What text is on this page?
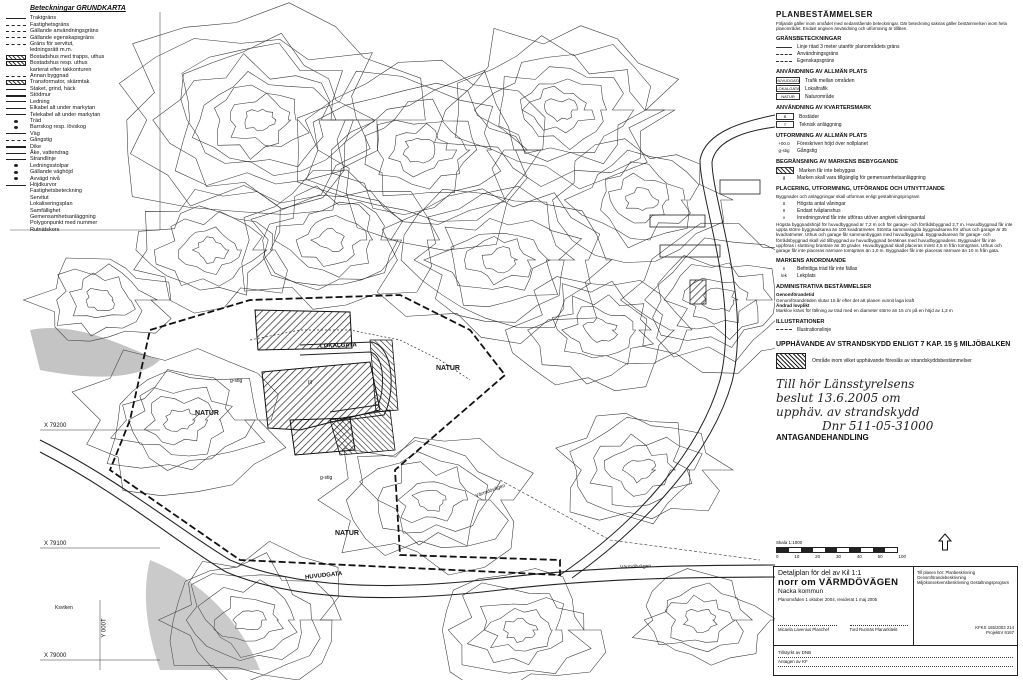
NATUR
NATUR
NATUR
LOKALGATA
HUVUDGATA
Värmdövägen
Värmdövägen
Ksvtken
g-stig
g-stig
III
X 79200
X 79100
X 79000
Y 000T
Beteckningar GRUNDKARTA
Traktgräns
Fastighetsgräns
Gällande användningsgräns
Gällande egenskapsgräns
Gräns för servitut,
ledningsrätt m.m.
Bostadshus med trapps, uthus
Bostadshus resp. uthus
karterat efter takkonturen
Annan byggnad
Transformator, skärmtak
Staket, grind, häck
Stödmur
Ledning
Elkabel alt under markytan
Telekabel alt under markytan
Träd
Barrskog resp. lövskog
Väg
Gångstig
Dike
Åke, vattendrag
Strandlinje
Ledningsstolpar
Gällande väghöjd
Avvägd nivå
Höjdkurvor
Fastighetsbeteckning
Servitut
Lokaliseringsplan
Samfällighet
Gemensamhetsanläggning
Polygonpunkt med nummer
Rutnätskors
PLANBESTÄMMELSER
Följande gäller inom området med nedanstående beteckningar. Där beteckning saknas gäller bestämmelsen inom hela planområdet. Endast angiven användning och utformning är tillåten.
GRÄNSBETECKNINGAR
Linje ritad 3 meter utanför planområdets gräns
Användningsgräns
Egenskapsgräns
ANVÄNDNING AV ALLMÄN PLATS
HUVUDGATA Trafik mellan områden
LOKALGATA Lokaltrafik
NATUR	Naturområde
ANVÄNDNING AV KVARTERSMARK
B	Bostäder
T	Teknisk anläggning
UTFORMNING AV ALLMÄN PLATS
+00.0	Föreskriven höjd över nollplanet
g-stig	Gångstig
BEGRÄNSNING AV MARKENS BEBYGGANDE
Marken får inte bebyggas
g	Marken skall vara tillgänglig för gemensamhetsanläggning
PLACERING, UTFORMNING, UTFÖRANDE OCH UTNYTTJANDE
Byggnader och anläggningar skall utformas enligt gestaltningsprogram
II	Högsta antal våningar
II	Endast tvåplanshus
v	Inredningsvind får inte utföras utöver angivet våningsantal
Högsta byggnadshöjd för huvudbyggnad är 7,2 m och för garage- och förrådsbyggnad 2,7 m. Huvudbyggnad får inte uppta större byggnadsarea än 100 kvadratmeter. Största sammanlagda byggnadsarea för uthus och garage är 35 kvadratmeter. Uthus och garage får sammanbyggas med huvudbyggnad. Byggnadsarean för garage- och förrådsbyggnad skall vid tillbyggnad av huvudbyggnad beräknas med huvudbyggnadens. Byggnader får inte uppföras i sluttning brantare än 30 grader. Huvudbyggnad skall placeras minst 4,5 m från tomtgräns. Uthus och garage får inte placeras närmare tomtgräns än 1,0 m. Byggnader får inte placeras närmare än 10 m från gata.
MARKENS ANORDNANDE
n	Befintliga träd får inte fällas
lek	Lekplats
ADMINISTRATIVA BESTÄMMELSER
Genomförandetid
Genomförandetiden slutar 15 år efter det att planen vunnit laga kraft
Ändrad lovplikt
Marklov krävs för fällning av träd med en diameter större än 15 cm på en höjd av 1,3 m
ILLUSTRATIONER
Illustrationslinje
UPPHÄVANDE AV STRANDSKYDD ENLIGT 7 KAP. 15 § MILJÖBALKEN
Område inom vilket upphävande föreslås av strandskyddsbestämmelser
Till hör Länsstyrelsens
beslut 13.6.2005 om
upphäv. av strandskydd
Dnr 511-05-31000
ANTAGANDEHANDLING
Skala 1:1000
0	10	20	30	40	50	100
Detaljplan för del av Kil 1:1
norr om VÄRMDÖVÄGEN
Nacka kommun
Planområden 1 oktober 2004, reviderat 1 maj 2005
Till planen hör: Planbeskrivning Genomförandebeskrivning Miljökonsekvensbeskrivning Gestaltningsprogram
Micaela Lavenius Planchef	Tord Runnäs Planarkitekt	KFKS 165/2003 214
Projektnr 9167
Tillstyrkt av DNB
Antagen av KF
